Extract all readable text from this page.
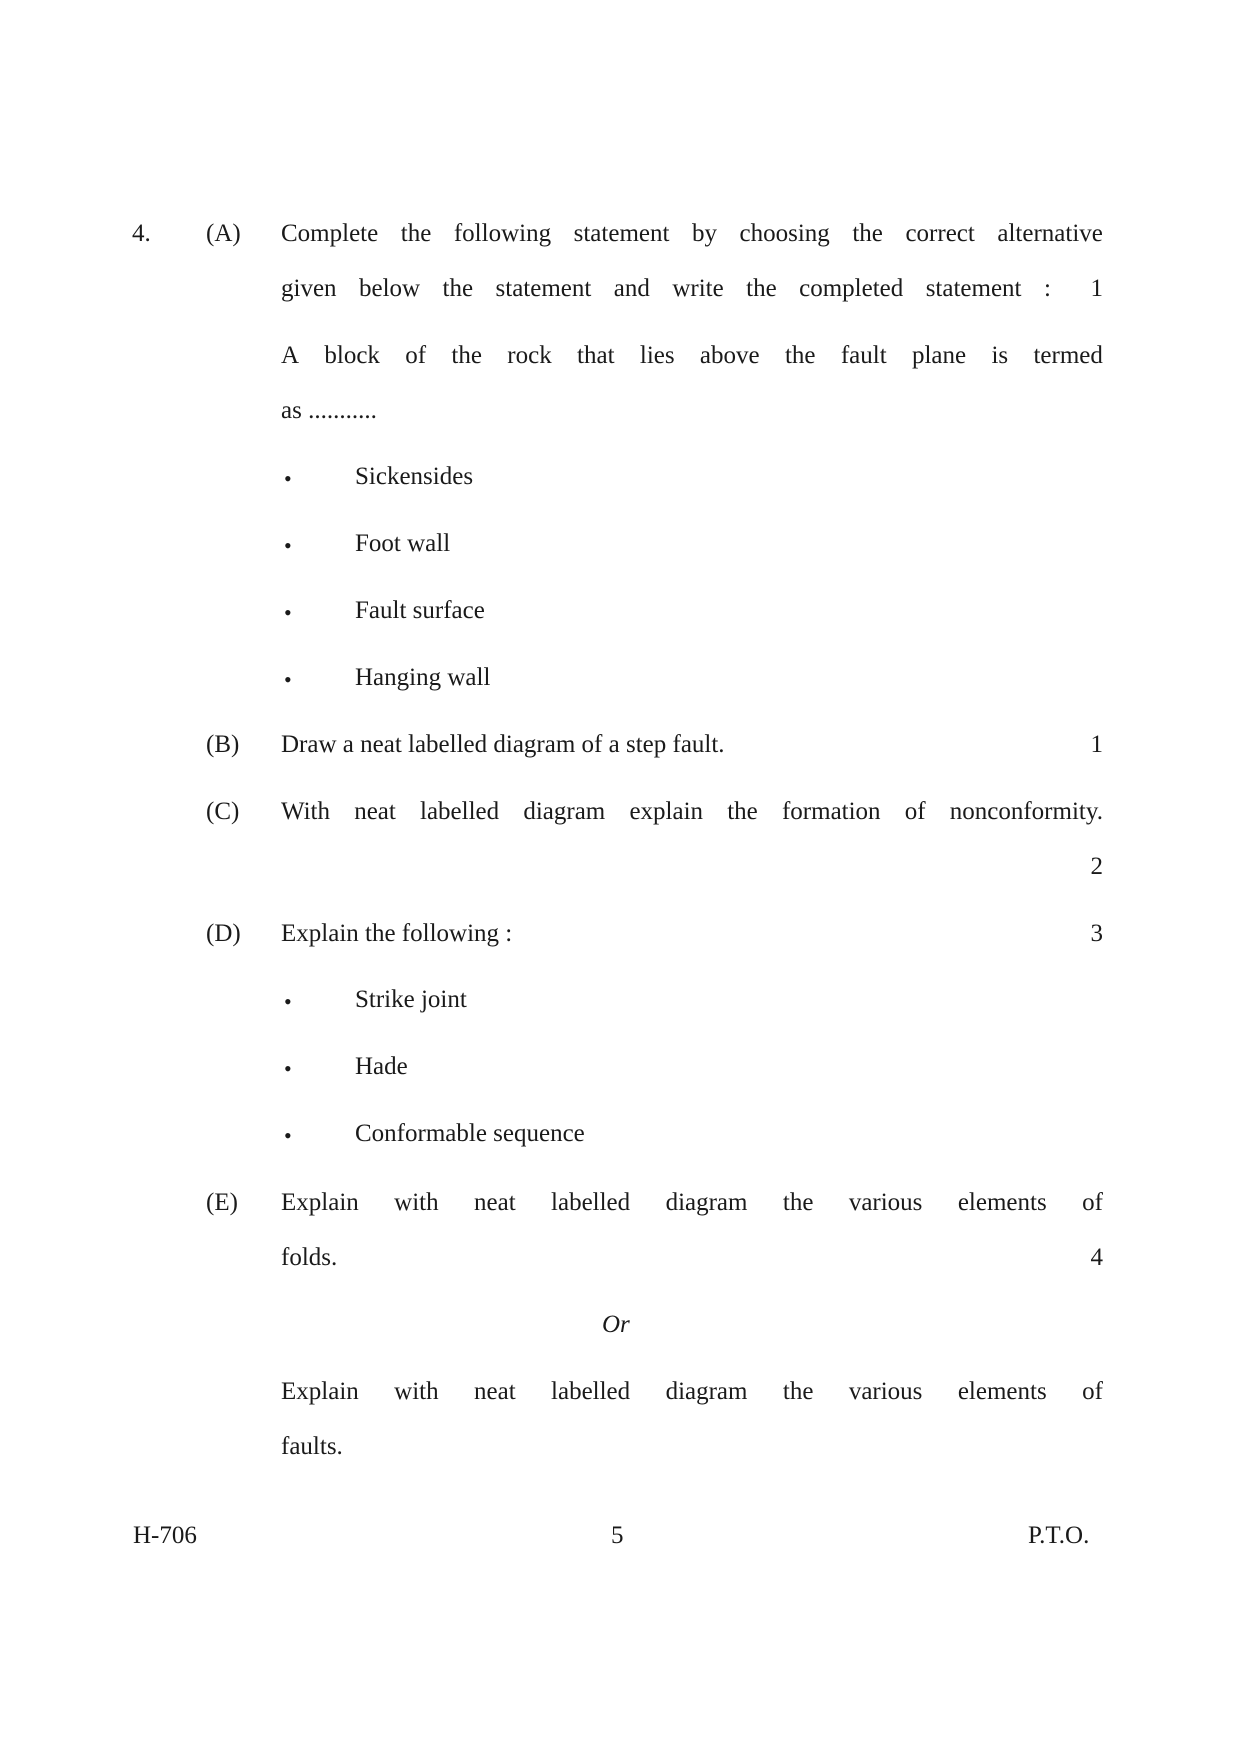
4. (A) Complete the following statement by choosing the correct alternative
given below the statement and write the completed statement :	1
A block of the rock that lies above the fault plane is termed
as ...........
•	Sickensides
•	Foot wall
•	Fault surface
•	Hanging wall
(B) Draw a neat labelled diagram of a step fault.	1
(C) With neat labelled diagram explain the formation of nonconformity.
2
(D) Explain the following :	3
•	Strike joint
•	Hade
•	Conformable sequence
(E) Explain with neat labelled diagram the various elements of
folds.	4
Or
Explain with neat labelled diagram the various elements of
faults.
H-706	5	P.T.O.
